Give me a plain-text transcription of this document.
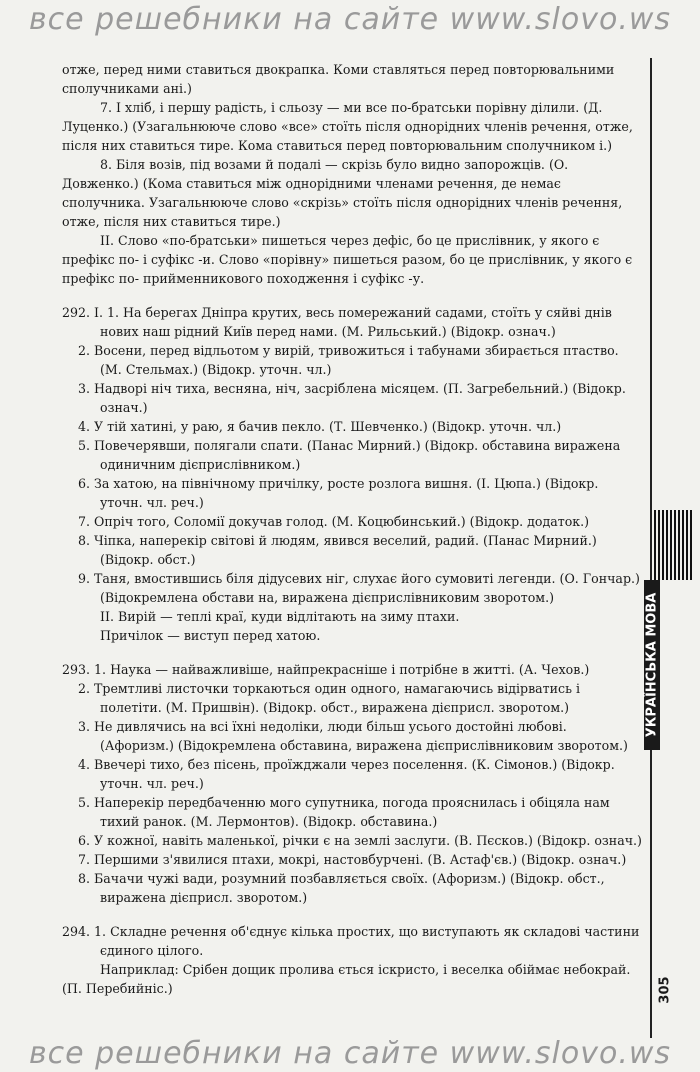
все решебники на сайте www.slovo.ws

отже, перед ними ставиться двокрапка. Коми ставляться перед повторювальними сполучниками ані.)

7. І хліб, і першу радість, і сльозу — ми все по-братськи порівну ділили. (Д. Луценко.) (Узагальнююче слово «все» стоїть після однорідних членів речення, отже, після них ставиться тире. Кома ставиться перед повторювальним сполучником і.)

8. Біля возів, під возами й подалі — скрізь було видно запорожців. (О. Довженко.) (Кома ставиться між однорідними членами речення, де немає сполучника. Узагальнююче слово «скрізь» стоїть після однорідних членів речення, отже, після них ставиться тире.)

ІІ. Слово «по-братськи» пишеться через дефіс, бо це прислівник, у якого є префікс по- і суфікс -и. Слово «порівну» пишеться разом, бо це прислівник, у якого є префікс по- прийменникового походження і суфікс -у.

292. І. 1. На берегах Дніпра крутих, весь помережаний садами, стоїть у сяйві днів нових наш рідний Київ перед нами. (М. Рильський.) (Відокр. означ.)

2. Восени, перед відльотом у вирій, тривожиться і табунами збирається птаство. (М. Стельмах.) (Відокр. уточн. чл.)

3. Надворі ніч тиха, весняна, ніч, засріблена місяцем. (П. Загребельний.) (Відокр. означ.)

4. У тій хатині, у раю, я бачив пекло. (Т. Шевченко.) (Відокр. уточн. чл.)

5. Повечерявши, полягали спати. (Панас Мирний.) (Відокр. обставина виражена одиничним дієприслівником.)

6. За хатою, на північному причілку, росте розлога вишня. (І. Цюпа.) (Відокр. уточн. чл. реч.)

7. Опріч того, Соломії докучав голод. (М. Коцюбинський.) (Відокр. додаток.)

8. Чіпка, наперекір світові й людям, явився веселий, радий. (Панас Мирний.) (Відокр. обст.)

9. Таня, вмостившись біля дідусевих ніг, слухає його сумовиті легенди. (О. Гончар.) (Відокремлена обстави на, виражена дієприслівниковим зворотом.)

ІІ. Вирій — теплі краї, куди відлітають на зиму птахи.

Причілок — виступ перед хатою.

293. 1. Наука — найважливіше, найпрекрасніше і потрібне в житті. (А. Чехов.)

2. Тремтливі листочки торкаються один одного, намагаючись відірватись і полетіти. (М. Пришвін). (Відокр. обст., виражена дієприсл. зворотом.)

3. Не дивлячись на всі їхні недоліки, люди більш усього достойні любові. (Афоризм.) (Відокремлена обставина, виражена дієприслівниковим зворотом.)

4. Ввечері тихо, без пісень, проїжджали через поселення. (К. Сімонов.) (Відокр. уточн. чл. реч.)

5. Наперекір передбаченню мого супутника, погода прояснилась і обіцяла нам тихий ранок. (М. Лермонтов). (Відокр. обставина.)

6. У кожної, навіть маленької, річки є на землі заслуги. (В. Пєсков.) (Відокр. означ.)

7. Першими з'явилися птахи, мокрі, настовбурчені. (В. Астаф'єв.) (Відокр. означ.)

8. Бачачи чужі вади, розумний позбавляється своїх. (Афоризм.) (Відокр. обст., виражена дієприсл. зворотом.)

294. 1. Складне речення об'єднує кілька простих, що виступають як складові частини єдиного цілого.

Наприклад: Срібен дощик пролива ється іскристо, і веселка обіймає небокрай. (П. Перебийніс.)

УКРАЇНСЬКА МОВА
305
все решебники на сайте www.slovo.ws
